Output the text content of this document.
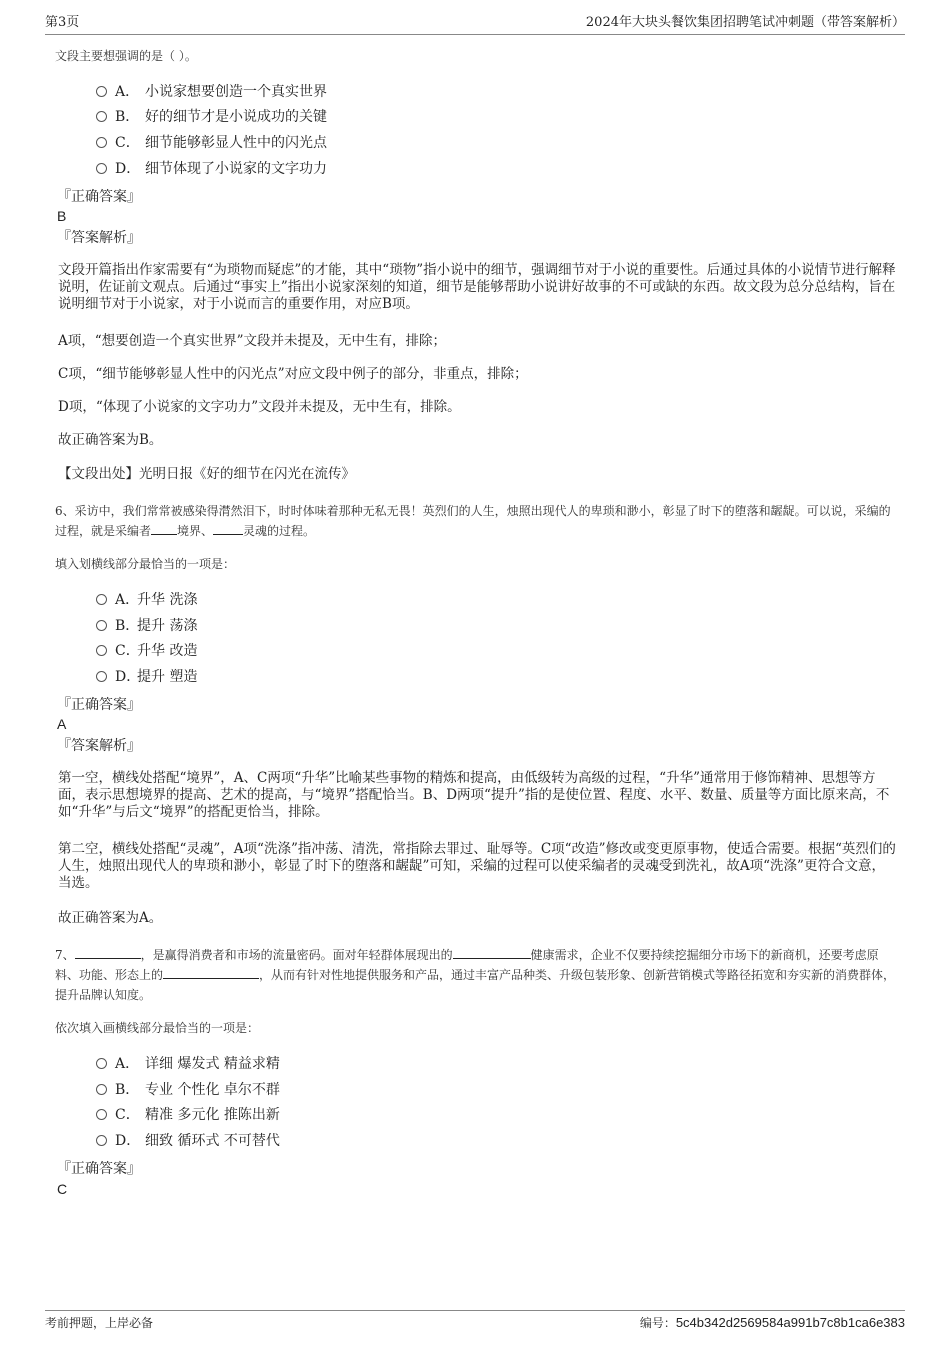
第3页	2024年大块头餐饮集团招聘笔试冲刺题（带答案解析）
文段主要想强调的是（ ）。
A． 小说家想要创造一个真实世界
B． 好的细节才是小说成功的关键
C． 细节能够彰显人性中的闪光点
D． 细节体现了小说家的文字功力
『正确答案』
B
『答案解析』
文段开篇指出作家需要有“为琐物而疑虑”的才能，其中“琐物”指小说中的细节，强调细节对于小说的重要性。后通过具体的小说情节进行解释说明，佐证前文观点。后通过“事实上”指出小说家深刻的知道，细节是能够帮助小说讲好故事的不可或缺的东西。故文段为总分总结构，旨在说明细节对于小说家，对于小说而言的重要作用，对应B项。
A项，“想要创造一个真实世界”文段并未提及，无中生有，排除；
C项，“细节能够彰显人性中的闪光点”对应文段中例子的部分，非重点，排除；
D项，“体现了小说家的文字功力”文段并未提及，无中生有，排除。
故正确答案为B。
【文段出处】光明日报《好的细节在闪光在流传》
6、采访中，我们常常被感染得潸然泪下，时时体味着那种无私无畏！英烈们的人生，烛照出现代人的卑琐和渺小，彰显了时下的堕落和龌龊。可以说，采编的过程，就是采编者 境界、	灵魂的过程。
填入划横线部分最恰当的一项是：
A．升华 洗涤
B．提升 荡涤
C．升华 改造
D．提升 塑造
『正确答案』
A
『答案解析』
第一空，横线处搭配“境界”，A、C两项“升华”比喻某些事物的精炼和提高，由低级转为高级的过程，“升华”通常用于修饰精神、思想等方面，表示思想境界的提高、艺术的提高，与“境界”搭配恰当。B、D两项“提升”指的是使位置、程度、水平、数量、质量等方面比原来高，不如“升华”与后文“境界”的搭配更恰当，排除。
第二空，横线处搭配“灵魂”，A项“洗涤”指冲荡、清洗，常指除去罪过、耻辱等。C项“改造”修改或变更原事物，使适合需要。根据“英烈们的人生，烛照出现代人的卑琐和渺小，彰显了时下的堕落和龌龊”可知，采编的过程可以使采编者的灵魂受到洗礼，故A项“洗涤”更符合文意，当选。
故正确答案为A。
7、	，是赢得消费者和市场的流量密码。面对年轻群体展现出的	健康需求，企业不仅要持续挖掘细分市场下的新商机，还要考虑原料、功能、形态上的	，从而有针对性地提供服务和产品，通过丰富产品种类、升级包装形象、创新营销模式等路径拓宽和夯实新的消费群体，提升品牌认知度。
依次填入画横线部分最恰当的一项是：
A． 详细 爆发式 精益求精
B． 专业 个性化 卓尔不群
C． 精准 多元化 推陈出新
D． 细致 循环式 不可替代
『正确答案』
C
考前押题，上岸必备	编号：5c4b342d2569584a991b7c8b1ca6e383
